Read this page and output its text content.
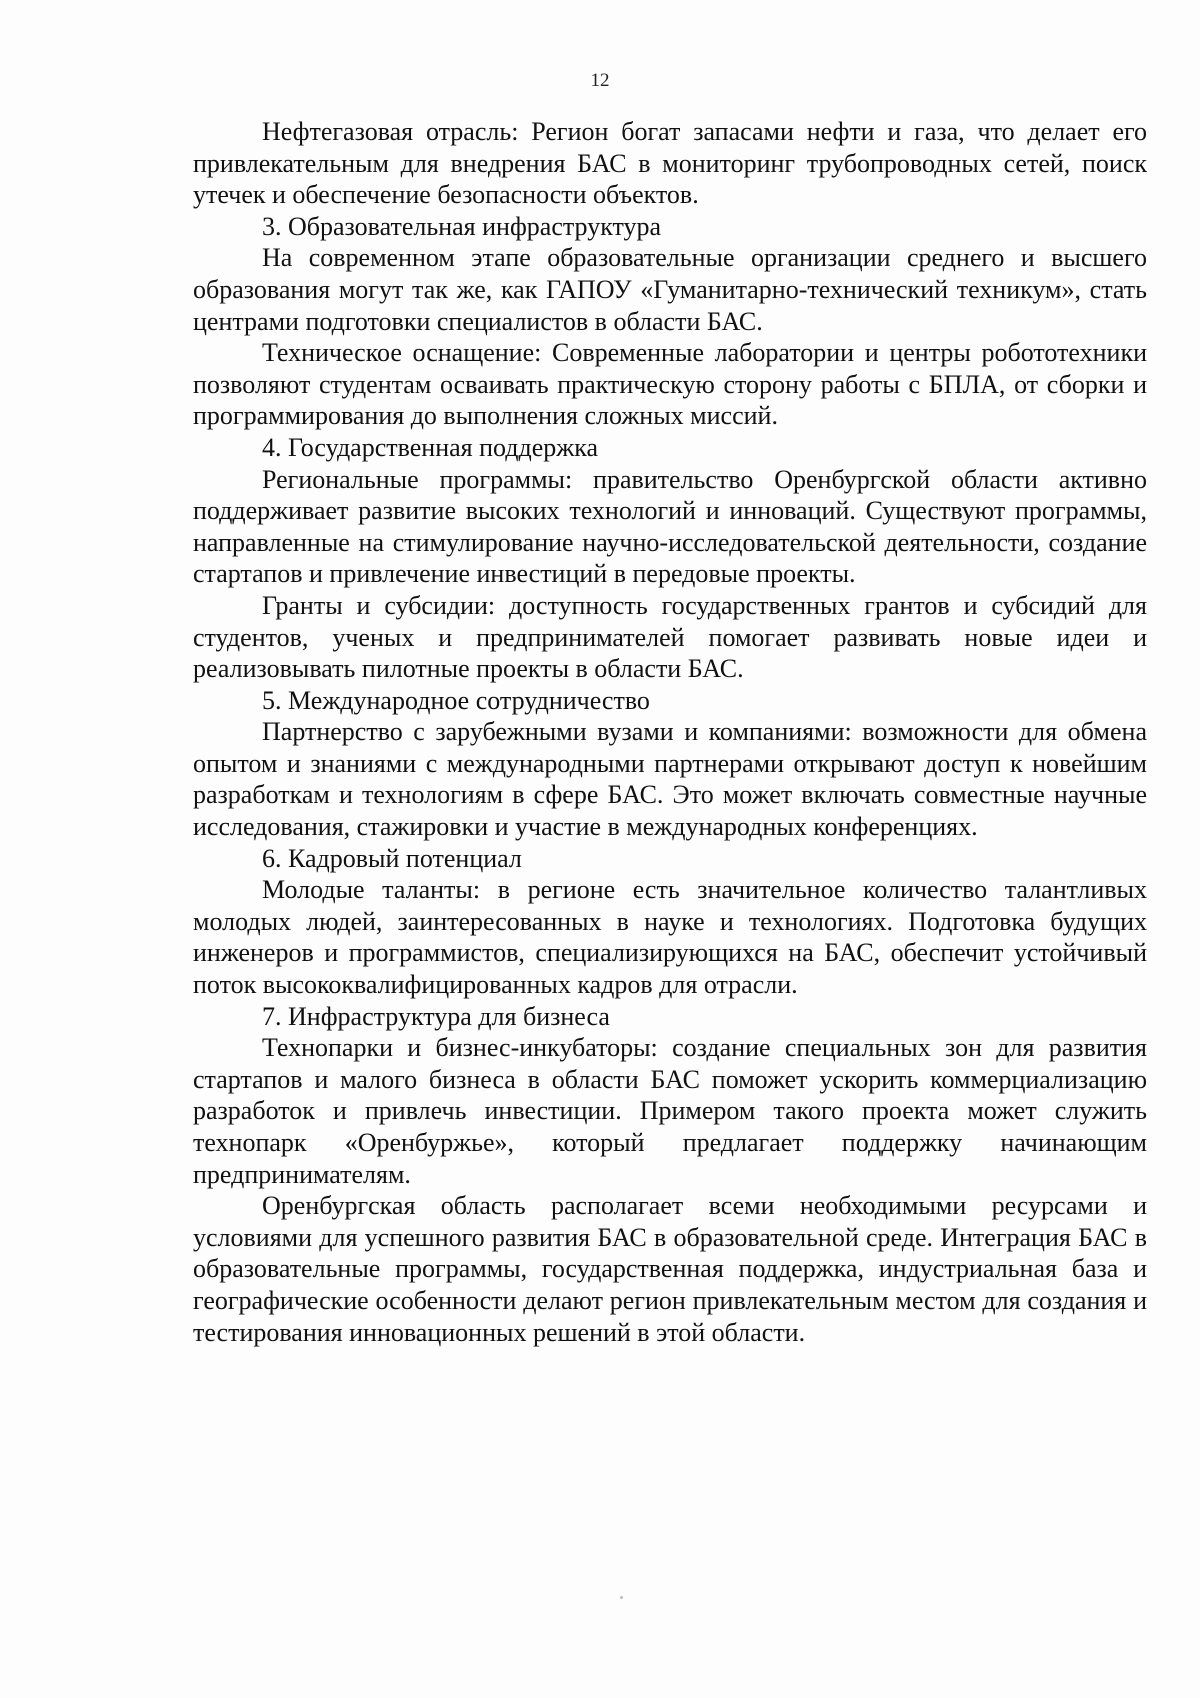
12

Нефтегазовая отрасль: Регион богат запасами нефти и газа, что делает его привлекательным для внедрения БАС в мониторинг трубопроводных сетей, поиск утечек и обеспечение безопасности объектов.

3. Образовательная инфраструктура

На современном этапе образовательные организации среднего и высшего образования могут так же, как ГАПОУ «Гуманитарно-технический техникум», стать центрами подготовки специалистов в области БАС.

Техническое оснащение: Современные лаборатории и центры робототехники позволяют студентам осваивать практическую сторону работы с БПЛА, от сборки и программирования до выполнения сложных миссий.

4. Государственная поддержка

Региональные программы: правительство Оренбургской области активно поддерживает развитие высоких технологий и инноваций. Существуют программы, направленные на стимулирование научно-исследовательской деятельности, создание стартапов и привлечение инвестиций в передовые проекты.

Гранты и субсидии: доступность государственных грантов и субсидий для студентов, ученых и предпринимателей помогает развивать новые идеи и реализовывать пилотные проекты в области БАС.

5. Международное сотрудничество

Партнерство с зарубежными вузами и компаниями: возможности для обмена опытом и знаниями с международными партнерами открывают доступ к новейшим разработкам и технологиям в сфере БАС. Это может включать совместные научные исследования, стажировки и участие в международных конференциях.

6. Кадровый потенциал

Молодые таланты: в регионе есть значительное количество талантливых молодых людей, заинтересованных в науке и технологиях. Подготовка будущих инженеров и программистов, специализирующихся на БАС, обеспечит устойчивый поток высококвалифицированных кадров для отрасли.

7. Инфраструктура для бизнеса

Технопарки и бизнес-инкубаторы: создание специальных зон для развития стартапов и малого бизнеса в области БАС поможет ускорить коммерциализацию разработок и привлечь инвестиции. Примером такого проекта может служить технопарк «Оренбуржье», который предлагает поддержку начинающим предпринимателям.

Оренбургская область располагает всеми необходимыми ресурсами и условиями для успешного развития БАС в образовательной среде. Интеграция БАС в образовательные программы, государственная поддержка, индустриальная база и географические особенности делают регион привлекательным местом для создания и тестирования инновационных решений в этой области.
